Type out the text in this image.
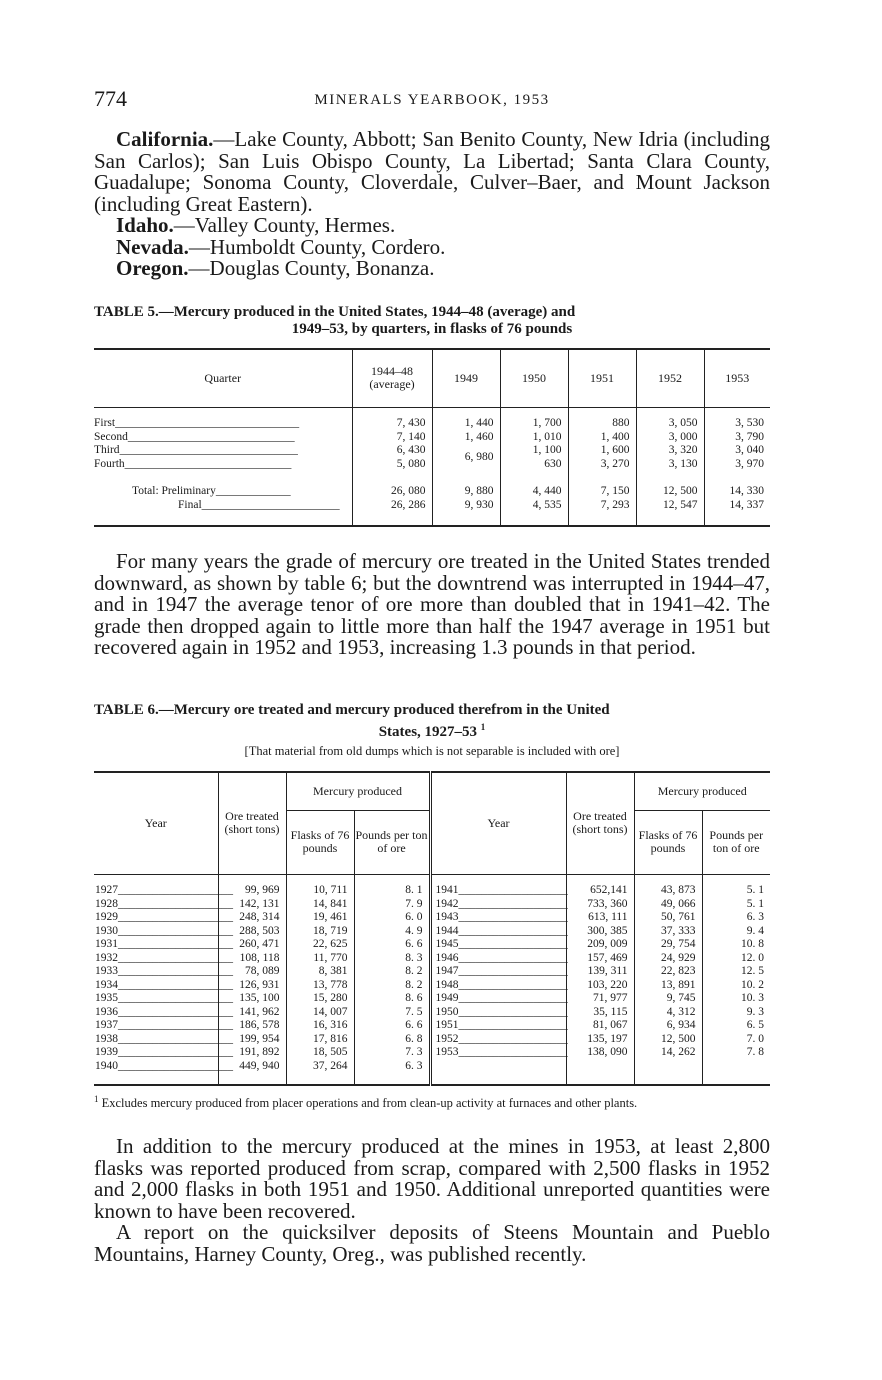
774	MINERALS YEARBOOK, 1953

California.—Lake County, Abbott; San Benito County, New Idria (including San Carlos); San Luis Obispo County, La Libertad; Santa Clara County, Guadalupe; Sonoma County, Cloverdale, Culver–Baer, and Mount Jackson (including Great Eastern).

Idaho.—Valley County, Hermes.

Nevada.—Humboldt County, Cordero.

Oregon.—Douglas County, Bonanza.

TABLE 5.—Mercury produced in the United States, 1944–48 (average) and
1949–53, by quarters, in flasks of 76 pounds
Quarter	1944–48 (average)	1949	1950	1951	1952	1953

First________________________________	7, 430	1, 440	1, 700	880	3, 050	3, 530
Second_____________________________	7, 140	1, 460	1, 010	1, 400	3, 000	3, 790
Third_______________________________	6, 430	6, 980	1, 100	1, 600	3, 320	3, 040
Fourth_____________________________	5, 080		630	3, 270	3, 130	3, 970

Total: Preliminary_____________	26, 080	9, 880	4, 440	7, 150	12, 500	14, 330
Final________________________	26, 286	9, 930	4, 535	7, 293	12, 547	14, 337

For many years the grade of mercury ore treated in the United States trended downward, as shown by table 6; but the downtrend was interrupted in 1944–47, and in 1947 the average tenor of ore more than doubled that in 1941–42. The grade then dropped again to little more than half the 1947 average in 1951 but recovered again in 1952 and 1953, increasing 1.3 pounds in that period.

TABLE 6.—Mercury ore treated and mercury produced therefrom in the United
States, 1927–53 $^1$
[That material from old dumps which is not separable is included with ore]
Year	Ore treated (short tons)	Mercury produced		Year	Ore treated (short tons)	Mercury produced	
		Flasks of 76 pounds	Pounds per ton of ore			Flasks of 76 pounds	Pounds per ton of ore

1927____________________	99, 969	10, 711	8. 1	1941___________________	652,141	43, 873	5. 1
1928____________________	142, 131	14, 841	7. 9	1942___________________	733, 360	49, 066	5. 1
1929____________________	248, 314	19, 461	6. 0	1943___________________	613, 111	50, 761	6. 3
1930____________________	288, 503	18, 719	4. 9	1944___________________	300, 385	37, 333	9. 4
1931____________________	260, 471	22, 625	6. 6	1945___________________	209, 009	29, 754	10. 8
1932____________________	108, 118	11, 770	8. 3	1946___________________	157, 469	24, 929	12. 0
1933____________________	78, 089	8, 381	8. 2	1947___________________	139, 311	22, 823	12. 5
1934____________________	126, 931	13, 778	8. 2	1948___________________	103, 220	13, 891	10. 2
1935____________________	135, 100	15, 280	8. 6	1949___________________	71, 977	9, 745	10. 3
1936____________________	141, 962	14, 007	7. 5	1950___________________	35, 115	4, 312	9. 3
1937____________________	186, 578	16, 316	6. 6	1951___________________	81, 067	6, 934	6. 5
1938____________________	199, 954	17, 816	6. 8	1952___________________	135, 197	12, 500	7. 0
1939____________________	191, 892	18, 505	7. 3	1953___________________	138, 090	14, 262	7. 8
1940____________________	449, 940	37, 264	6. 3				

$^1$ Excludes mercury produced from placer operations and from clean-up activity at furnaces and other plants.

In addition to the mercury produced at the mines in 1953, at least 2,800 flasks was reported produced from scrap, compared with 2,500 flasks in 1952 and 2,000 flasks in both 1951 and 1950. Additional unreported quantities were known to have been recovered.

A report on the quicksilver deposits of Steens Mountain and Pueblo Mountains, Harney County, Oreg., was published recently.
